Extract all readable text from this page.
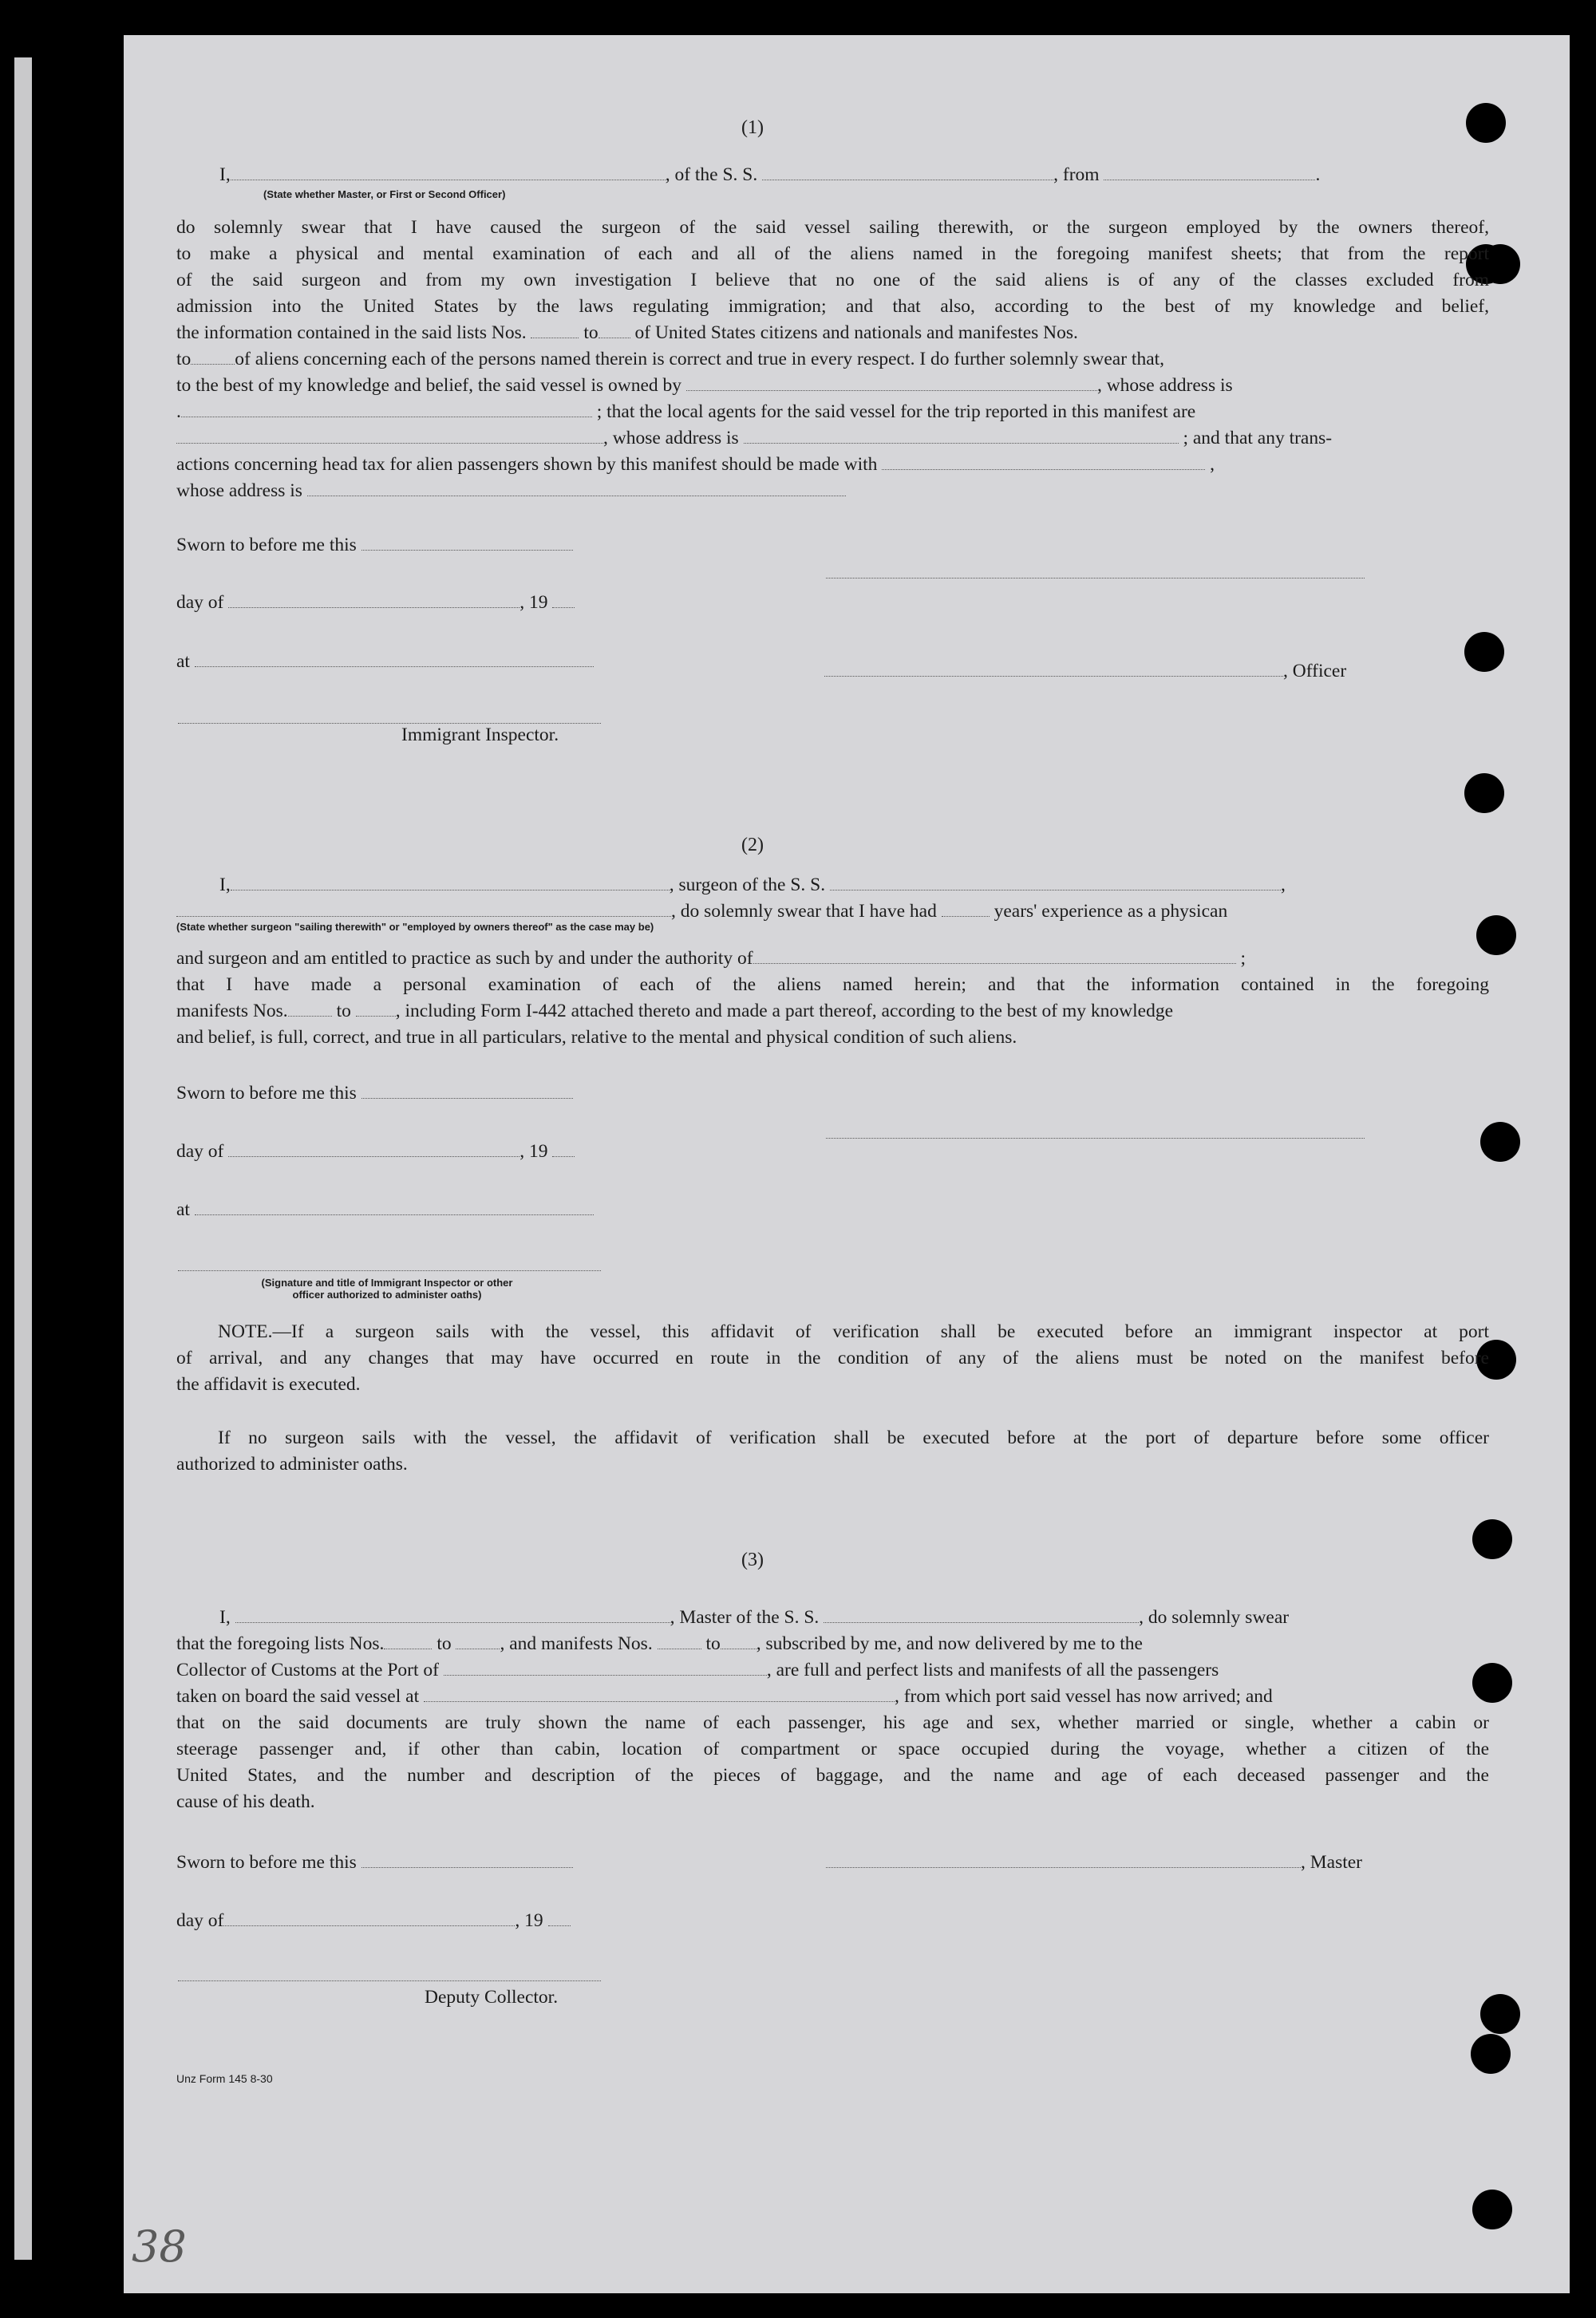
(1)
I,	, of the S. S.	, from	.
(State whether Master, or First or Second Officer)
do solemnly swear that I have caused the surgeon of the said vessel sailing therewith, or the surgeon employed by the owners thereof,
to make a physical and mental examination of each and all of the aliens named in the foregoing manifest sheets; that from the report
of the said surgeon and from my own investigation I believe that no one of the said aliens is of any of the classes excluded from
admission into the United States by the laws regulating immigration; and that also, according to the best of my knowledge and belief,
the information contained in the said lists Nos.	to of United States citizens and nationals and manifestes Nos.
to of aliens concerning each of the persons named therein is correct and true in every respect. I do further solemnly swear that,
to the best of my knowledge and belief, the said vessel is owned by	, whose address is
.	; that the local agents for the said vessel for the trip reported in this manifest are
, whose address is	; and that any trans-
actions concerning head tax for alien passengers shown by this manifest should be made with	,
whose address is
Sworn to before me this
day of	, 19
at	, Officer
Immigrant Inspector.
(2)
I,	, surgeon of the S. S.	,
, do solemnly swear that I have had	years' experience as a physican
(State whether surgeon "sailing therewith" or "employed by owners thereof" as the case may be)
and surgeon and am entitled to practice as such by and under the authority of	;
that I have made a personal examination of each of the aliens named herein; and that the information contained in the foregoing
manifests Nos.	to , including Form I-442 attached thereto and made a part thereof, according to the best of my knowledge
and belief, is full, correct, and true in all particulars, relative to the mental and physical condition of such aliens.
Sworn to before me this
day of	, 19
at
(Signature and title of Immigrant Inspector or other
officer authorized to administer oaths)
NOTE.—If a surgeon sails with the vessel, this affidavit of verification shall be executed before an immigrant inspector at port
of arrival, and any changes that may have occurred en route in the condition of any of the aliens must be noted on the manifest before
the affidavit is executed.
If no surgeon sails with the vessel, the affidavit of verification shall be executed before at the port of departure before some officer
authorized to administer oaths.
(3)
I,	, Master of the S. S.	, do solemnly swear
that the foregoing lists Nos.	to	, and manifests Nos.	to , subscribed by me, and now delivered by me to the
Collector of Customs at the Port of	, are full and perfect lists and manifests of all the passengers
taken on board the said vessel at	, from which port said vessel has now arrived; and
that on the said documents are truly shown the name of each passenger, his age and sex, whether married or single, whether a cabin or
steerage passenger and, if other than cabin, location of compartment or space occupied during the voyage, whether a citizen of the
United States, and the number and description of the pieces of baggage, and the name and age of each deceased passenger and the
cause of his death.
Sworn to before me this	, Master
day of	, 19
Deputy Collector.
Unz Form 145 8-30
38
